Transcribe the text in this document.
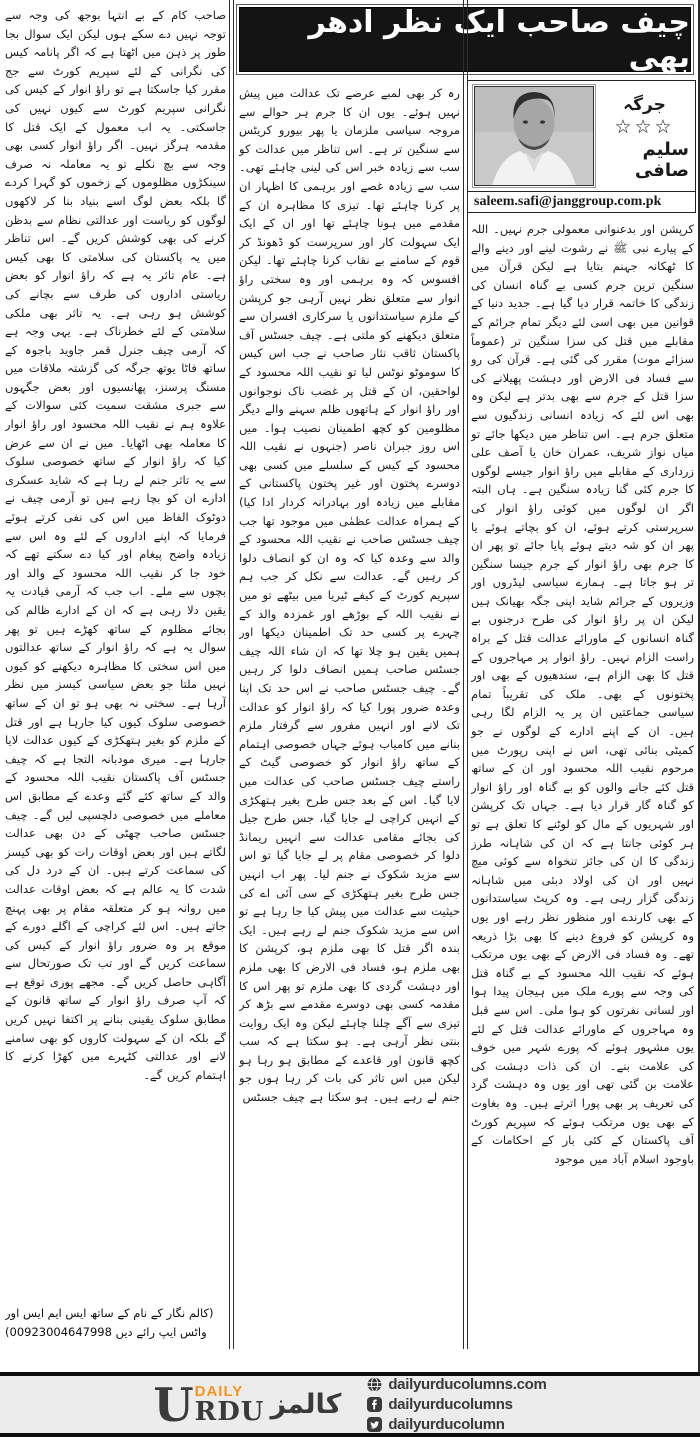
چیف صاحب ایک نظر ادھر بھی
جرگہ
☆☆☆
سلیم صافی
saleem.safi@janggroup.com.pk
کرپشن اور بدعنوانی معمولی جرم نہیں۔ اللہ کے پیارے نبی ﷺ نے رشوت لینے اور دینے والے کا ٹھکانہ جہنم بتایا ہے لیکن قرآن میں سنگین ترین جرم کسی بے گناہ انسان کی زندگی کا خاتمہ قرار دیا گیا ہے۔ جدید دنیا کے قوانین میں بھی اسی لئے دیگر تمام جرائم کے مقابلے میں قتل کی سزا سنگین تر (عموماً سزائے موت) مقرر کی گئی ہے۔ قرآن کی رو سے فساد فی الارض اور دہشت پھیلانے کی سزا قتل کے جرم سے بھی بدتر ہے لیکن وہ بھی اس لئے کہ زیادہ انسانی زندگیوں سے متعلق جرم ہے۔ اس تناظر میں دیکھا جائے تو میاں نواز شریف، عمران خان یا آصف علی زرداری کے مقابلے میں راؤ انوار جیسے لوگوں کا جرم کئی گنا زیادہ سنگین ہے۔ ہاں البتہ اگر ان لوگوں میں کوئی راؤ انوار کی سرپرستی کرتے ہوئے، ان کو بچاتے ہوئے یا پھر ان کو شہ دیتے ہوئے پایا جائے تو پھر ان کا جرم بھی راؤ انوار کے جرم جیسا سنگین تر ہو جاتا ہے۔ ہمارے سیاسی لیڈروں اور وزیروں کے جرائم شاید اپنی جگہ بھیانک ہیں لیکن ان پر راؤ انوار کی طرح درجنوں بے گناہ انسانوں کے ماورائے عدالت قتل کے براہ راست الزام نہیں۔ راؤ انوار پر مہاجروں کے قتل کا بھی الزام ہے، سندھیوں کے بھی اور پختونوں کے بھی۔ ملک کی تقریباً تمام سیاسی جماعتیں ان پر یہ الزام لگا رہی ہیں۔ ان کے اپنے ادارے کے لوگوں نے جو کمیٹی بنائی تھی، اس نے اپنی رپورٹ میں مرحوم نقیب اللہ محسود اور ان کے ساتھ قتل کئے جانے والوں کو بے گناہ اور راؤ انوار کو گناہ گار قرار دیا ہے۔ جہاں تک کرپشن اور شہریوں کے مال کو لوٹنے کا تعلق ہے تو ہر کوئی جانتا ہے کہ ان کی شاہانہ طرز زندگی کا ان کی جائز تنخواہ سے کوئی میچ نہیں اور ان کی اولاد دبئی میں شاہانہ زندگی گزار رہی ہے۔ وہ کرپٹ سیاستدانوں کے بھی کارندے اور منظور نظر رہے اور یوں وہ کرپشن کو فروغ دینے کا بھی بڑا ذریعہ تھے۔ وہ فساد فی الارض کے بھی یوں مرتکب ہوئے کہ نقیب اللہ محسود کے بے گناہ قتل کی وجہ سے پورے ملک میں ہیجان پیدا ہوا اور لسانی نفرتوں کو ہوا ملی۔ اس سے قبل وہ مہاجروں کے ماورائے عدالت قتل کے لئے یوں مشہور ہوئے کہ پورے شہر میں خوف کی علامت بنے۔ ان کی ذات دہشت کی علامت بن گئی تھی اور یوں وہ دہشت گرد کی تعریف پر بھی پورا اترتے ہیں۔ وہ بغاوت کے بھی یوں مرتکب ہوئے کہ سپریم کورٹ آف پاکستان کے کئی بار کے احکامات کے باوجود اسلام آباد میں موجود
رہ کر بھی لمبے عرصے تک عدالت میں پیش نہیں ہوئے۔ یوں ان کا جرم ہر حوالے سے مروجہ سیاسی ملزمان یا پھر بیورو کریٹس سے سنگین تر ہے۔ اس تناظر میں عدالت کو سب سے زیادہ خبر اس کی لینی چاہئے تھی۔ سب سے زیادہ غصے اور برہمی کا اظہار ان پر کرنا چاہئے تھا۔ تیزی کا مظاہرہ ان کے مقدمے میں ہونا چاہئے تھا اور ان کے ایک ایک سہولت کار اور سرپرست کو ڈھونڈ کر قوم کے سامنے بے نقاب کرنا چاہئے تھا۔ لیکن افسوس کہ وہ برہمی اور وہ سختی راؤ انوار سے متعلق نظر نہیں آرہی جو کرپشن کے ملزم سیاستدانوں یا سرکاری افسران سے متعلق دیکھنے کو ملتی ہے۔ چیف جسٹس آف پاکستان ثاقب نثار صاحب نے جب اس کیس کا سوموٹو نوٹس لیا تو نقیب اللہ محسود کے لواحقین، ان کے قتل پر غضب ناک نوجوانوں اور راؤ انوار کے ہاتھوں ظلم سہنے والے دیگر مظلومین کو کچھ اطمینان نصیب ہوا۔ میں اس روز جبران ناصر (جنہوں نے نقیب اللہ محسود کے کیس کے سلسلے میں کسی بھی دوسرے پختون اور غیر پختون پاکستانی کے مقابلے میں زیادہ اور بہادرانہ کردار ادا کیا) کے ہمراہ عدالت عظمٰی میں موجود تھا جب چیف جسٹس صاحب نے نقیب اللہ محسود کے والد سے وعدہ کیا کہ وہ ان کو انصاف دلوا کر رہیں گے۔ عدالت سے نکل کر جب ہم سپریم کورٹ کے کیفے ٹیریا میں بیٹھے تو میں نے نقیب اللہ کے بوڑھے اور غمزدہ والد کے چہرے پر کسی حد تک اطمینان دیکھا اور ہمیں یقین ہو چلا تھا کہ ان شاء اللہ چیف جسٹس صاحب ہمیں انصاف دلوا کر رہیں گے۔ چیف جسٹس صاحب نے اس حد تک اپنا وعدہ ضرور پورا کیا کہ راؤ انوار کو عدالت تک لانے اور انہیں مفرور سے گرفتار ملزم بنانے میں کامیاب ہوئے جہاں خصوصی اہتمام کے ساتھ راؤ انوار کو خصوصی گیٹ کے راستے چیف جسٹس صاحب کی عدالت میں لایا گیا۔ اس کے بعد جس طرح بغیر ہتھکڑی کے انہیں کراچی لے جایا گیا، جس طرح جیل کی بجائے مقامی عدالت سے انہیں ریمانڈ دلوا کر خصوصی مقام پر لے جایا گیا تو اس سے مزید شکوک نے جنم لیا۔ پھر اب انہیں جس طرح بغیر ہتھکڑی کے سی آئی اے کی حیثیت سے عدالت میں پیش کیا جا رہا ہے تو اس سے مزید شکوک جنم لے رہے ہیں۔ ایک بندہ اگر قتل کا بھی ملزم ہو، کرپشن کا بھی ملزم ہو، فساد فی الارض کا بھی ملزم اور دہشت گردی کا بھی ملزم تو پھر اس کا مقدمہ کسی بھی دوسرے مقدمے سے بڑھ کر تیزی سے آگے چلنا چاہئے لیکن وہ ایک روایت بنتی نظر آرہی ہے۔ ہو سکتا ہے کہ سب کچھ قانون اور قاعدے کے مطابق ہو رہا ہو لیکن میں اس تاثر کی بات کر رہا ہوں جو جنم لے رہے ہیں۔ ہو سکتا ہے چیف جسٹس
صاحب کام کے بے انتہا بوجھ کی وجہ سے توجہ نہیں دے سکے ہوں لیکن ایک سوال بجا طور پر ذہن میں اٹھتا ہے کہ اگر پانامہ کیس کی نگرانی کے لئے سپریم کورٹ سے جج مقرر کیا جاسکتا ہے تو راؤ انوار کے کیس کی نگرانی سپریم کورٹ سے کیوں نہیں کی جاسکتی۔ یہ اب معمول کے ایک قتل کا مقدمہ ہرگز نہیں۔ اگر راؤ انوار کسی بھی وجہ سے بچ نکلے تو یہ معاملہ نہ صرف سینکڑوں مظلوموں کے زخموں کو گہرا کردے گا بلکہ بعض لوگ اسے بنیاد بنا کر لاکھوں لوگوں کو ریاست اور عدالتی نظام سے بدظن کرنے کی بھی کوشش کریں گے۔ اس تناظر میں یہ پاکستان کی سلامتی کا بھی کیس ہے۔ عام تاثر یہ ہے کہ راؤ انوار کو بعض ریاستی اداروں کی طرف سے بچانے کی کوشش ہو رہی ہے۔ یہ تاثر بھی ملکی سلامتی کے لئے خطرناک ہے۔ یہی وجہ ہے کہ آرمی چیف جنرل قمر جاوید باجوہ کے ساتھ فاٹا یوتھ جرگہ کی گزشتہ ملاقات میں مسنگ پرسنز، پھانسیوں اور بعض جگہوں سے جبری مشقت سمیت کئی سوالات کے علاوہ ہم نے نقیب اللہ محسود اور راؤ انوار کا معاملہ بھی اٹھایا۔ میں نے ان سے عرض کیا کہ راؤ انوار کے ساتھ خصوصی سلوک سے یہ تاثر جنم لے رہا ہے کہ شاید عسکری ادارے ان کو بچا رہے ہیں تو آرمی چیف نے دوٹوک الفاظ میں اس کی نفی کرتے ہوئے فرمایا کہ اپنے اداروں کے لئے وہ اس سے زیادہ واضح پیغام اور کیا دے سکتے تھے کہ خود جا کر نقیب اللہ محسود کے والد اور بچوں سے ملے۔ اب جب کہ آرمی قیادت یہ یقین دلا رہی ہے کہ ان کے ادارے ظالم کی بجائے مظلوم کے ساتھ کھڑے ہیں تو پھر سوال یہ ہے کہ راؤ انوار کے ساتھ عدالتوں میں اس سختی کا مظاہرہ دیکھنے کو کیوں نہیں ملتا جو بعض سیاسی کیسز میں نظر آرہا ہے۔ سختی نہ بھی ہو تو ان کے ساتھ خصوصی سلوک کیوں کیا جارہا ہے اور قتل کے ملزم کو بغیر ہتھکڑی کے کیوں عدالت لایا جارہا ہے۔ میری مودبانہ التجا ہے کہ چیف جسٹس آف پاکستان نقیب اللہ محسود کے والد کے ساتھ کئے گئے وعدے کے مطابق اس معاملے میں خصوصی دلچسپی لیں گے۔ چیف جسٹس صاحب چھٹی کے دن بھی عدالت لگاتے ہیں اور بعض اوقات رات کو بھی کیسز کی سماعت کرتے ہیں۔ ان کے درد دل کی شدت کا یہ عالم ہے کہ بعض اوقات عدالت میں روانہ ہو کر متعلقہ مقام پر بھی پہنچ جاتے ہیں۔ اس لئے کراچی کے اگلے دورے کے موقع پر وہ ضرور راؤ انوار کے کیس کی سماعت کریں گے اور تب تک صورتحال سے آگاہی حاصل کریں گے۔ مجھے پوری توقع ہے کہ آپ صرف راؤ انوار کے ساتھ قانون کے مطابق سلوک یقینی بنانے پر اکتفا نہیں کریں گے بلکہ ان کے سہولت کاروں کو بھی سامنے لانے اور عدالتی کٹہرے میں کھڑا کرنے کا اہتمام کریں گے۔
(کالم نگار کے نام کے ساتھ ایس ایم ایس اور واٹس ایپ رائے دیں 00923004647998)
U DAILY
RDU کالمز
dailyurducolumns.com
dailyurducolumns
dailyurducolumn
